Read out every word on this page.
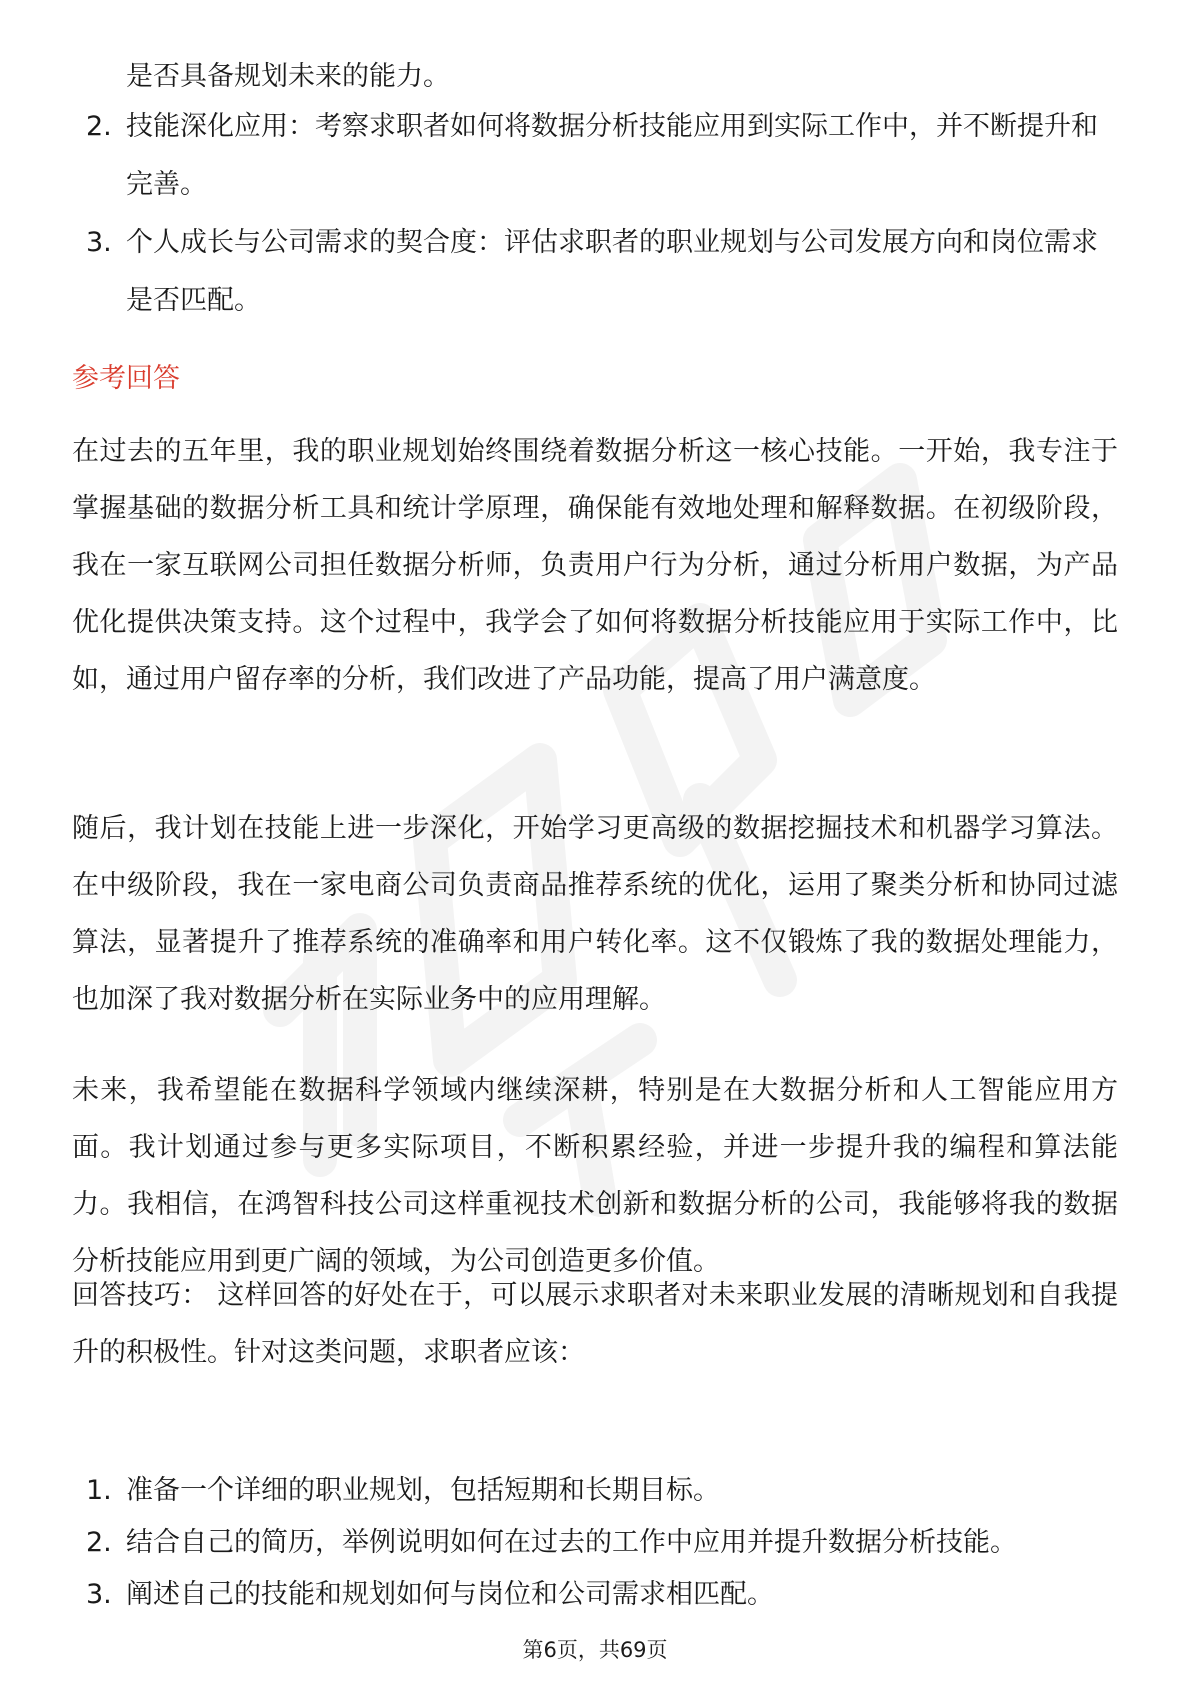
是否具备规划未来的能力。

2. 技能深化应用：考察求职者如何将数据分析技能应用到实际工作中，并不断提升和完善。
3. 个人成长与公司需求的契合度：评估求职者的职业规划与公司发展方向和岗位需求是否匹配。
参考回答

在过去的五年里，我的职业规划始终围绕着数据分析这一核心技能。一开始，我专注于掌握基础的数据分析工具和统计学原理，确保能有效地处理和解释数据。在初级阶段，我在一家互联网公司担任数据分析师，负责用户行为分析，通过分析用户数据，为产品优化提供决策支持。这个过程中，我学会了如何将数据分析技能应用于实际工作中，比如，通过用户留存率的分析，我们改进了产品功能，提高了用户满意度。

随后，我计划在技能上进一步深化，开始学习更高级的数据挖掘技术和机器学习算法。在中级阶段，我在一家电商公司负责商品推荐系统的优化，运用了聚类分析和协同过滤算法，显著提升了推荐系统的准确率和用户转化率。这不仅锻炼了我的数据处理能力，也加深了我对数据分析在实际业务中的应用理解。

未来，我希望能在数据科学领域内继续深耕，特别是在大数据分析和人工智能应用方面。我计划通过参与更多实际项目，不断积累经验，并进一步提升我的编程和算法能力。我相信，在鸿智科技公司这样重视技术创新和数据分析的公司，我能够将我的数据分析技能应用到更广阔的领域，为公司创造更多价值。

回答技巧： 这样回答的好处在于，可以展示求职者对未来职业发展的清晰规划和自我提升的积极性。针对这类问题，求职者应该：

1. 准备一个详细的职业规划，包括短期和长期目标。
2. 结合自己的简历，举例说明如何在过去的工作中应用并提升数据分析技能。
3. 阐述自己的技能和规划如何与岗位和公司需求相匹配。
第6页，共69页
